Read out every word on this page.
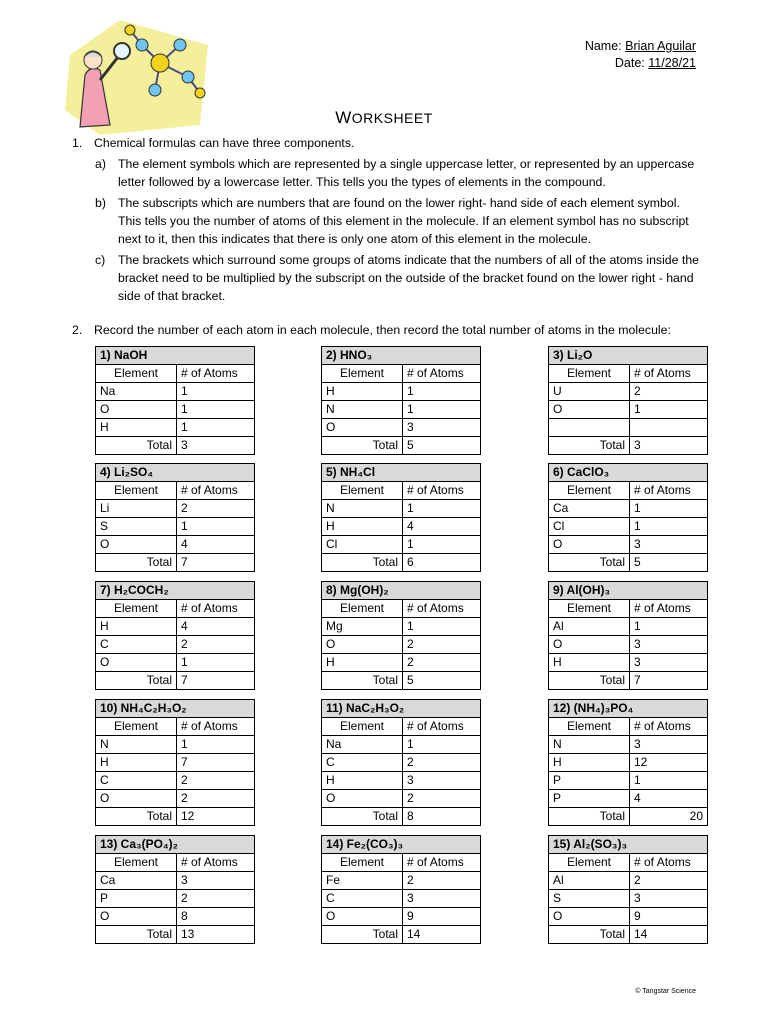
Name: Brian Aguilar
Date: 11/28/21
WORKSHEET
1. Chemical formulas can have three components.
a) The element symbols which are represented by a single uppercase letter, or represented by an uppercase letter followed by a lowercase letter. This tells you the types of elements in the compound.
b) The subscripts which are numbers that are found on the lower right- hand side of each element symbol. This tells you the number of atoms of this element in the molecule. If an element symbol has no subscript next to it, then this indicates that there is only one atom of this element in the molecule.
c) The brackets which surround some groups of atoms indicate that the numbers of all of the atoms inside the bracket need to be multiplied by the subscript on the outside of the bracket found on the lower right - hand side of that bracket.
2. Record the number of each atom in each molecule, then record the total number of atoms in the molecule:
1) NaOH	
Element	# of Atoms
Na	1
O	1
H	1
Total	3
2) HNO₃	
Element	# of Atoms
H	1
N	1
O	3
Total	5
3) Li₂O	
Element	# of Atoms
U	2
O	1

Total	3
4) Li₂SO₄	
Element	# of Atoms
Li	2
S	1
O	4
Total	7
5) NH₄Cl	
Element	# of Atoms
N	1
H	4
Cl	1
Total	6
6) CaClO₃	
Element	# of Atoms
Ca	1
Cl	1
O	3
Total	5
7) H₂COCH₂	
Element	# of Atoms
H	4
C	2
O	1
Total	7
8) Mg(OH)₂	
Element	# of Atoms
Mg	1
O	2
H	2
Total	5
9) Al(OH)₃	
Element	# of Atoms
Al	1
O	3
H	3
Total	7
10) NH₄C₂H₃O₂	
Element	# of Atoms
N	1
H	7
C	2
O	2
Total	12
11) NaC₂H₃O₂	
Element	# of Atoms
Na	1
C	2
H	3
O	2
Total	8
12) (NH₄)₃PO₄	
Element	# of Atoms
N	3
H	12
P	1
P	4
Total	20
13) Ca₃(PO₄)₂	
Element	# of Atoms
Ca	3
P	2
O	8
Total	13
14) Fe₂(CO₃)₃	
Element	# of Atoms
Fe	2
C	3
O	9
Total	14
15) Al₂(SO₃)₃	
Element	# of Atoms
Al	2
S	3
O	9
Total	14
© Tangstar Science
